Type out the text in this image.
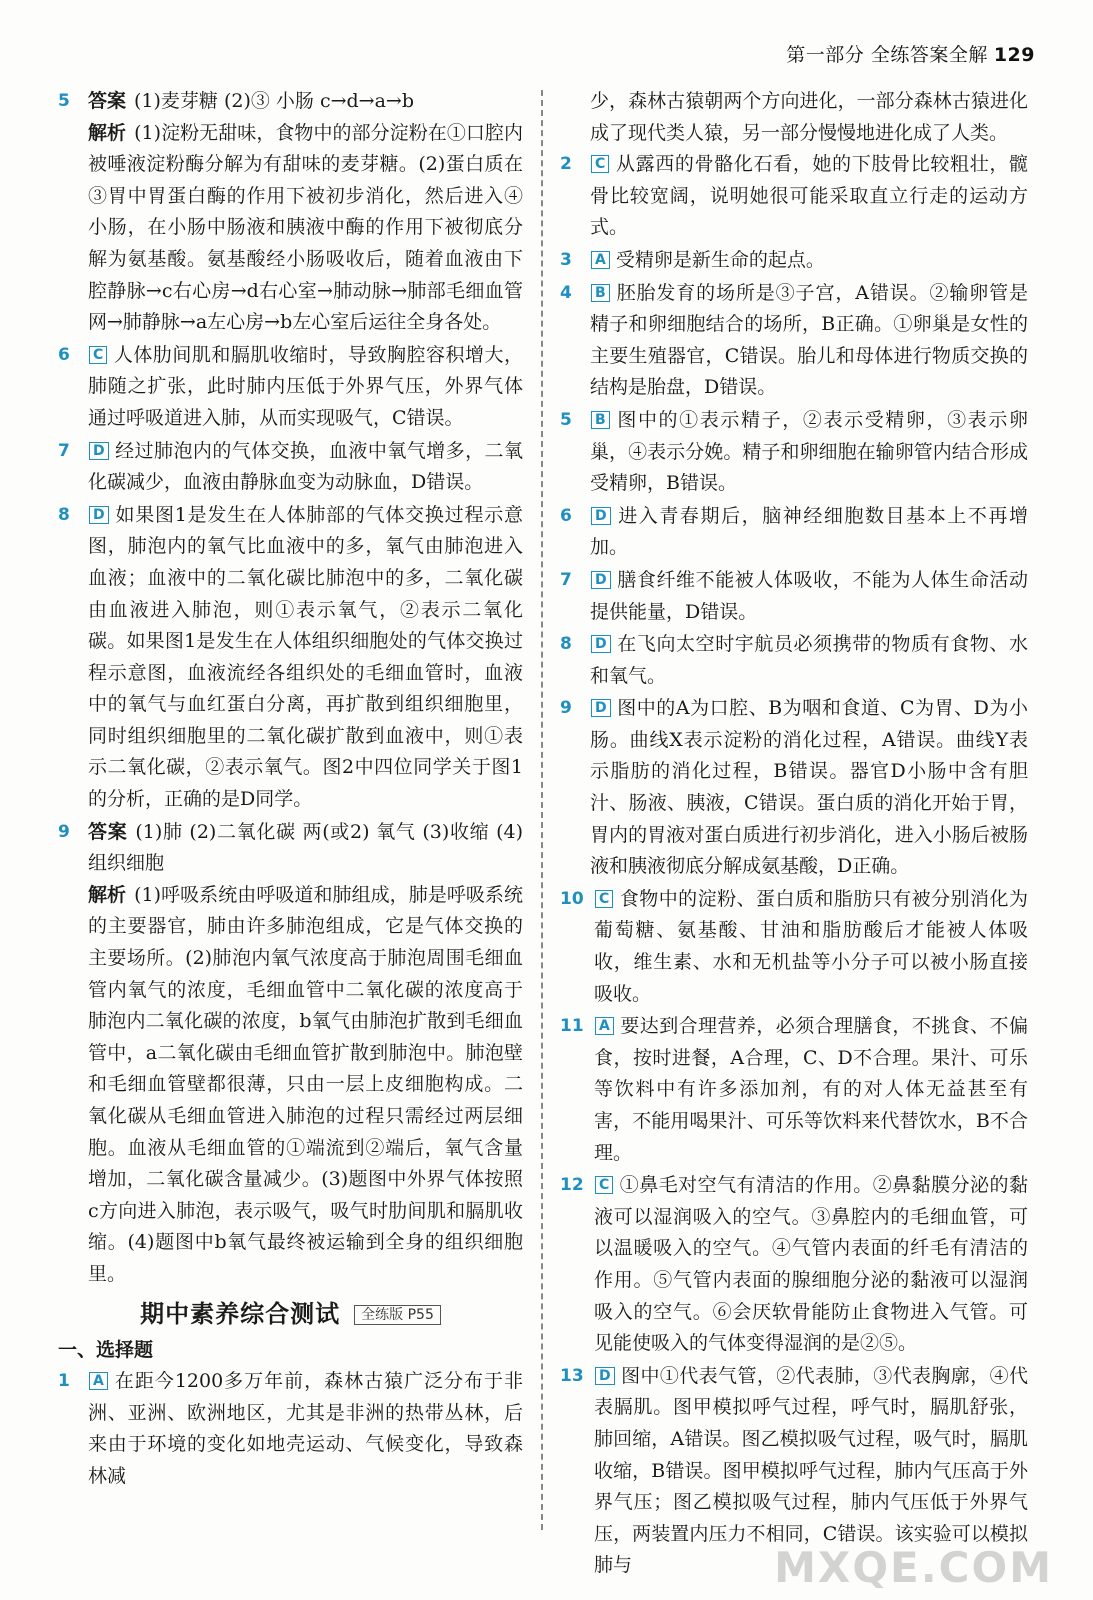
第一部分 全练答案全解 129
5 答案 (1)麦芽糖 (2)③ 小肠 c→d→a→b
解析 (1)淀粉无甜味，食物中的部分淀粉在①口腔内被唾液淀粉酶分解为有甜味的麦芽糖。(2)蛋白质在③胃中胃蛋白酶的作用下被初步消化，然后进入④小肠，在小肠中肠液和胰液中酶的作用下被彻底分解为氨基酸。氨基酸经小肠吸收后，随着血液由下腔静脉→c右心房→d右心室→肺动脉→肺部毛细血管网→肺静脉→a左心房→b左心室后运往全身各处。
6	C 人体肋间肌和膈肌收缩时，导致胸腔容积增大，肺随之扩张，此时肺内压低于外界气压，外界气体通过呼吸道进入肺，从而实现吸气，C错误。
7	D 经过肺泡内的气体交换，血液中氧气增多，二氧化碳减少，血液由静脉血变为动脉血，D错误。
8	D 如果图1是发生在人体肺部的气体交换过程示意图，肺泡内的氧气比血液中的多，氧气由肺泡进入血液；血液中的二氧化碳比肺泡中的多，二氧化碳由血液进入肺泡，则①表示氧气，②表示二氧化碳。如果图1是发生在人体组织细胞处的气体交换过程示意图，血液流经各组织处的毛细血管时，血液中的氧气与血红蛋白分离，再扩散到组织细胞里，同时组织细胞里的二氧化碳扩散到血液中，则①表示二氧化碳，②表示氧气。图2中四位同学关于图1的分析，正确的是D同学。
9 答案 (1)肺 (2)二氧化碳 两(或2) 氧气 (3)收缩 (4)组织细胞
解析 (1)呼吸系统由呼吸道和肺组成，肺是呼吸系统的主要器官，肺由许多肺泡组成，它是气体交换的主要场所。(2)肺泡内氧气浓度高于肺泡周围毛细血管内氧气的浓度，毛细血管中二氧化碳的浓度高于肺泡内二氧化碳的浓度，b氧气由肺泡扩散到毛细血管中，a二氧化碳由毛细血管扩散到肺泡中。肺泡壁和毛细血管壁都很薄，只由一层上皮细胞构成。二氧化碳从毛细血管进入肺泡的过程只需经过两层细胞。血液从毛细血管的①端流到②端后，氧气含量增加，二氧化碳含量减少。(3)题图中外界气体按照c方向进入肺泡，表示吸气，吸气时肋间肌和膈肌收缩。(4)题图中b氧气最终被运输到全身的组织细胞里。
期中素养综合测试 全练版 P55
一、选择题
1	A 在距今1200多万年前，森林古猿广泛分布于非洲、亚洲、欧洲地区，尤其是非洲的热带丛林，后来由于环境的变化如地壳运动、气候变化，导致森林减
少，森林古猿朝两个方向进化，一部分森林古猿进化成了现代类人猿，另一部分慢慢地进化成了人类。
2	C 从露西的骨骼化石看，她的下肢骨比较粗壮，髋骨比较宽阔，说明她很可能采取直立行走的运动方式。
3	A 受精卵是新生命的起点。
4	B 胚胎发育的场所是③子宫，A错误。②输卵管是精子和卵细胞结合的场所，B正确。①卵巢是女性的主要生殖器官，C错误。胎儿和母体进行物质交换的结构是胎盘，D错误。
5	B 图中的①表示精子，②表示受精卵，③表示卵巢，④表示分娩。精子和卵细胞在输卵管内结合形成受精卵，B错误。
6	D 进入青春期后，脑神经细胞数目基本上不再增加。
7	D 膳食纤维不能被人体吸收，不能为人体生命活动提供能量，D错误。
8	D 在飞向太空时宇航员必须携带的物质有食物、水和氧气。
9	D 图中的A为口腔、B为咽和食道、C为胃、D为小肠。曲线X表示淀粉的消化过程，A错误。曲线Y表示脂肪的消化过程，B错误。器官D小肠中含有胆汁、肠液、胰液，C错误。蛋白质的消化开始于胃，胃内的胃液对蛋白质进行初步消化，进入小肠后被肠液和胰液彻底分解成氨基酸，D正确。
10 C 食物中的淀粉、蛋白质和脂肪只有被分别消化为葡萄糖、氨基酸、甘油和脂肪酸后才能被人体吸收，维生素、水和无机盐等小分子可以被小肠直接吸收。
11 A 要达到合理营养，必须合理膳食，不挑食、不偏食，按时进餐，A合理，C、D不合理。果汁、可乐等饮料中有许多添加剂，有的对人体无益甚至有害，不能用喝果汁、可乐等饮料来代替饮水，B不合理。
12 C ①鼻毛对空气有清洁的作用。②鼻黏膜分泌的黏液可以湿润吸入的空气。③鼻腔内的毛细血管，可以温暖吸入的空气。④气管内表面的纤毛有清洁的作用。⑤气管内表面的腺细胞分泌的黏液可以湿润吸入的空气。⑥会厌软骨能防止食物进入气管。可见能使吸入的气体变得湿润的是②⑤。
13 D 图中①代表气管，②代表肺，③代表胸廓，④代表膈肌。图甲模拟呼气过程，呼气时，膈肌舒张，肺回缩，A错误。图乙模拟吸气过程，吸气时，膈肌收缩，B错误。图甲模拟呼气过程，肺内气压高于外界气压；图乙模拟吸气过程，肺内气压低于外界气压，两装置内压力不相同，C错误。该实验可以模拟肺与	MXQE.COM
